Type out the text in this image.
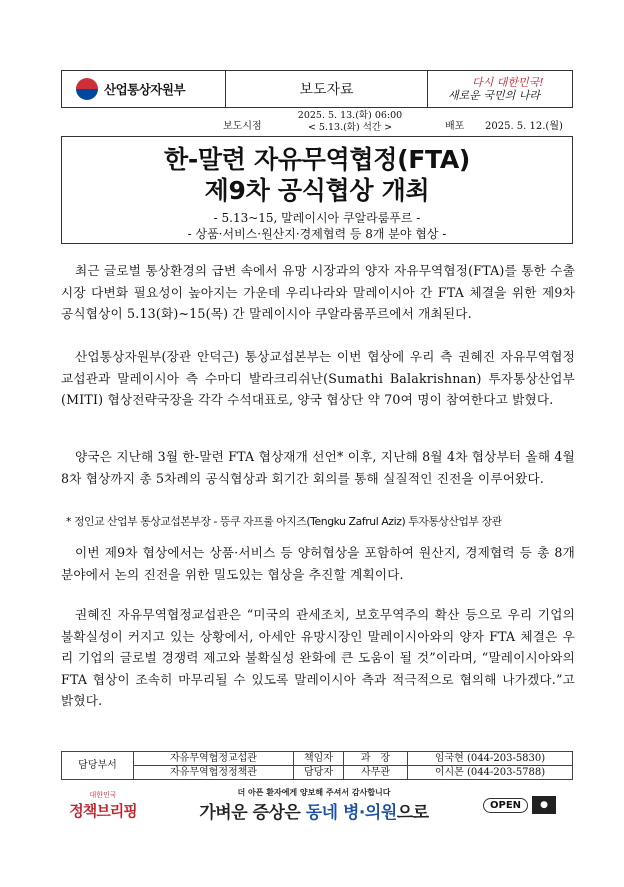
산업통상자원부	보도자료	다시 대한민국!
새로운 국민의 나라
보도시점
2025. 5. 13.(화) 06:00
< 5.13.(화) 석간 >	배포 2025. 5. 12.(월)
한-말련 자유무역협정(FTA)
제9차 공식협상 개최
- 5.13~15, 말레이시아 쿠알라룸푸르 -
- 상품·서비스·원산지·경제협력 등 8개 분야 협상 -

최근 글로벌 통상환경의 급변 속에서 유망 시장과의 양자 자유무역협정(FTA)를 통한 수출시장 다변화 필요성이 높아지는 가운데 우리나라와 말레이시아 간 FTA 체결을 위한 제9차 공식협상이 5.13(화)~15(목) 간 말레이시아 쿠알라룸푸르에서 개최된다.

산업통상자원부(장관 안덕근) 통상교섭본부는 이번 협상에 우리 측 권혜진 자유무역협정교섭관과 말레이시아 측 수마디 발라크리쉬난(Sumathi Balakrishnan) 투자통상산업부(MITI) 협상전략국장을 각각 수석대표로, 양국 협상단 약 70여 명이 참여한다고 밝혔다.

양국은 지난해 3월 한-말련 FTA 협상재개 선언* 이후, 지난해 8월 4차 협상부터 올해 4월 8차 협상까지 총 5차례의 공식협상과 회기간 회의를 통해 실질적인 진전을 이루어왔다.

* 정인교 산업부 통상교섭본부장 - 뜽쿠 자프룰 아지즈(Tengku Zafrul Aziz) 투자통상산업부 장관

이번 제9차 협상에서는 상품·서비스 등 양허협상을 포함하여 원산지, 경제협력 등 총 8개 분야에서 논의 진전을 위한 밀도있는 협상을 추진할 계획이다.

권혜진 자유무역협정교섭관은 “미국의 관세조치, 보호무역주의 확산 등으로 우리 기업의 불확실성이 커지고 있는 상황에서, 아세안 유망시장인 말레이시아와의 양자 FTA 체결은 우리 기업의 글로벌 경쟁력 제고와 불확실성 완화에 큰 도움이 될 것”이라며, “말레이시아와의 FTA 협상이 조속히 마무리될 수 있도록 말레이시아 측과 적극적으로 협의해 나가겠다.”고 밝혔다.

담당부서	자유무역협정교섭관	책임자	과　장	임국현 (044-203-5830)
	자유무역협정정책관	담당자	사무관	이시몬 (044-203-5788)
대한민국
정책브리핑
더 아픈 환자에게 양보해 주셔서 감사합니다
가벼운 증상은 동네 병·의원으로	OPEN	●
